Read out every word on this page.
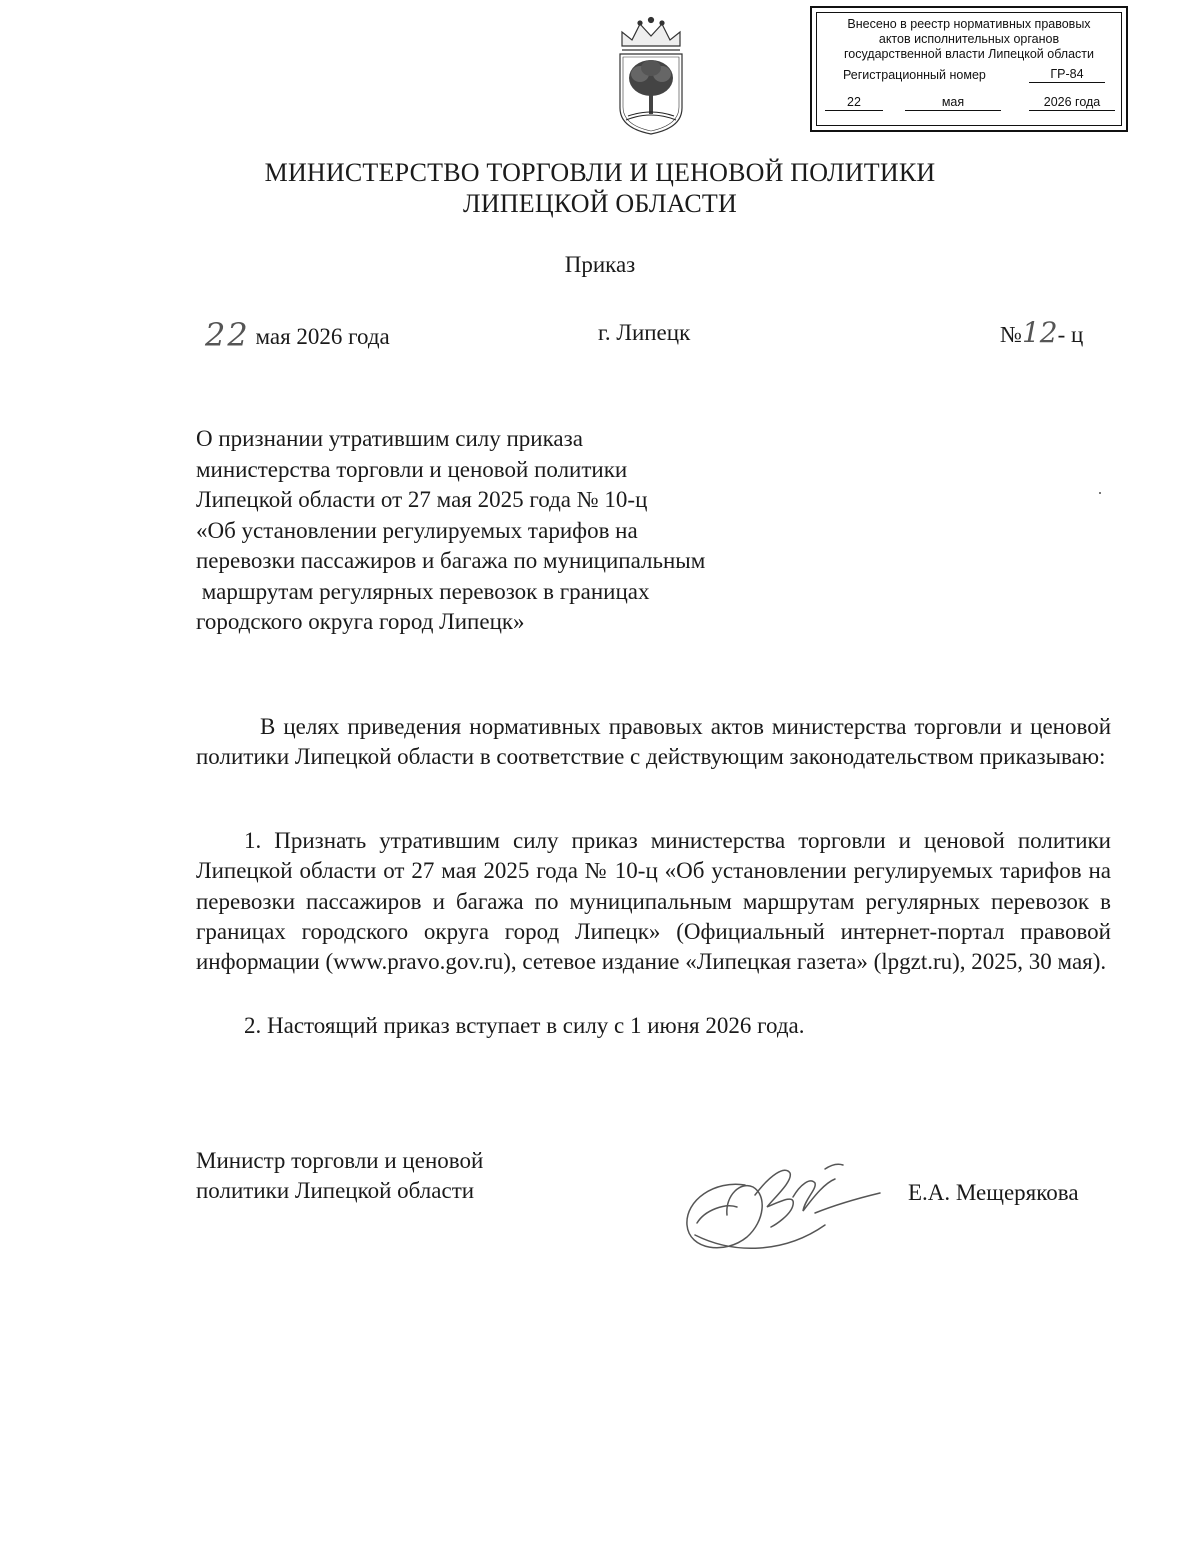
Внесено в реестр нормативных правовых
актов исполнительных органов
государственной власти Липецкой области
Регистрационный номер	ГР-84
22	мая	2026 года
МИНИСТЕРСТВО ТОРГОВЛИ И ЦЕНОВОЙ ПОЛИТИКИ
ЛИПЕЦКОЙ ОБЛАСТИ
Приказ
22 мая 2026 года	г. Липецк	№12- ц
О признании утратившим силу приказа
министерства торговли и ценовой политики
Липецкой области от 27 мая 2025 года № 10-ц
«Об установлении регулируемых тарифов на
перевозки пассажиров и багажа по муниципальным
маршрутам регулярных перевозок в границах
городского округа город Липецк»
В целях приведения нормативных правовых актов министерства торговли и ценовой политики Липецкой области в соответствие с действующим законодательством приказываю:
1. Признать утратившим силу приказ министерства торговли и ценовой политики Липецкой области от 27 мая 2025 года № 10-ц «Об установлении регулируемых тарифов на перевозки пассажиров и багажа по муниципальным маршрутам регулярных перевозок в границах городского округа город Липецк» (Официальный интернет-портал правовой информации (www.pravo.gov.ru), сетевое издание «Липецкая газета» (lpgzt.ru), 2025, 30 мая).
2. Настоящий приказ вступает в силу с 1 июня 2026 года.
Министр торговли и ценовой
политики Липецкой области	Е.А. Мещерякова
